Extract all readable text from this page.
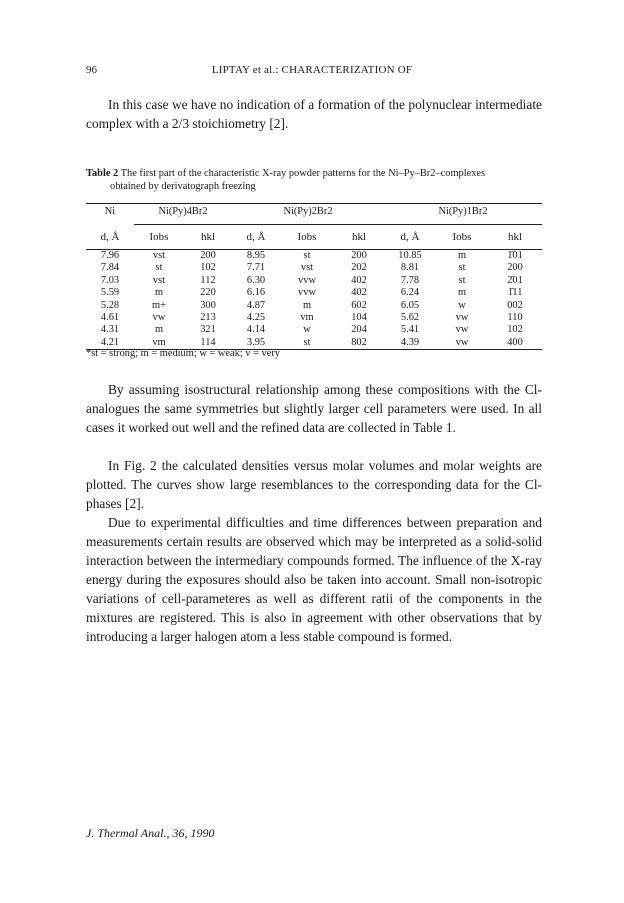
96	LIPTAY et al.: CHARACTERIZATION OF

In this case we have no indication of a formation of the polynuclear intermediate complex with a 2/3 stoichiometry [2].

Table 2 The first part of the characteristic X-ray powder patterns for the Ni–Py–Br2–complexes
obtained by derivatograph freezing

Ni	Ni(Py)4Br2		Ni(Py)2Br2			Ni(Py)1Br2		

d, Å	Iobs	hkl	d, Å	Iobs	hkl	d, Å	Iobs	hkl
7.96	vst	200	8.95	st	200	10.85	m	1̄01
7.84	st	102	7.71	vst	202	8.81	st	200
7.03	vst	112	6.30	vvw	402	7.78	st	2̄01
5.59	m	220	6.16	vvw	402	6.24	m	1̄11
5.28	m+	300	4.87	m	602	6.05	w	002
4.61	vw	213	4.25	vm	104	5.62	vw	110
4.31	m	321	4.14	w	204	5.41	vw	102
4.21	vm	114	3.95	st	802	4.39	vw	400
*st = strong; m = medium; w = weak; v = very

By assuming isostructural relationship among these compositions with the Cl-analogues the same symmetries but slightly larger cell parameters were used. In all cases it worked out well and the refined data are collected in Table 1.

In Fig. 2 the calculated densities versus molar volumes and molar weights are plotted. The curves show large resemblances to the corresponding data for the Cl-phases [2].

Due to experimental difficulties and time differences between preparation and measurements certain results are observed which may be interpreted as a solid-solid interaction between the intermediary compounds formed. The influence of the X-ray energy during the exposures should also be taken into account. Small non-isotropic variations of cell-parameteres as well as different ratii of the components in the mixtures are registered. This is also in agreement with other observations that by introducing a larger halogen atom a less stable compound is formed.

J. Thermal Anal., 36, 1990
